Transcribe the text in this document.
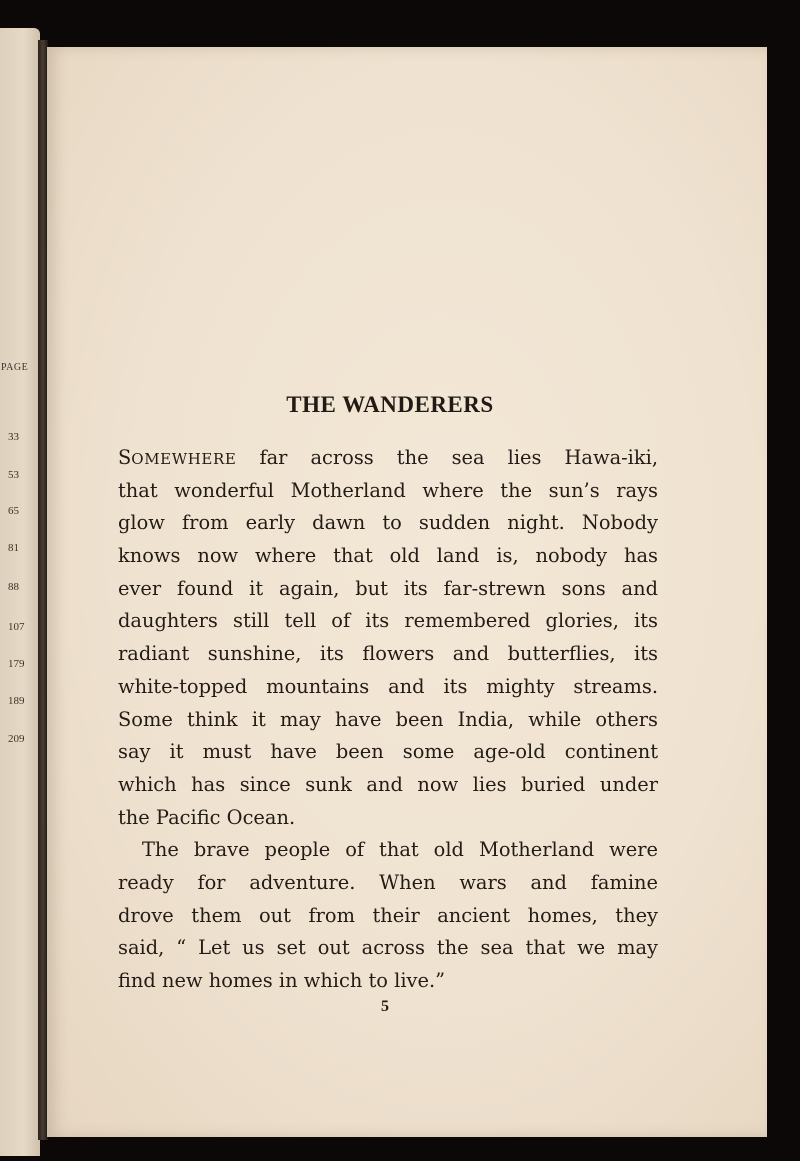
PAGE
33
53
65
81
88
107
179
189
209
THE WANDERERS
SOMEWHERE far across the sea lies Hawa-iki,
that wonderful Motherland where the sun’s rays
glow from early dawn to sudden night. Nobody
knows now where that old land is, nobody has
ever found it again, but its far-strewn sons and
daughters still tell of its remembered glories, its
radiant sunshine, its flowers and butterflies, its
white-topped mountains and its mighty streams.
Some think it may have been India, while others
say it must have been some age-old continent
which has since sunk and now lies buried under
the Pacific Ocean.
The brave people of that old Motherland were
ready for adventure. When wars and famine
drove them out from their ancient homes, they
said, “ Let us set out across the sea that we may
find new homes in which to live.”
5
